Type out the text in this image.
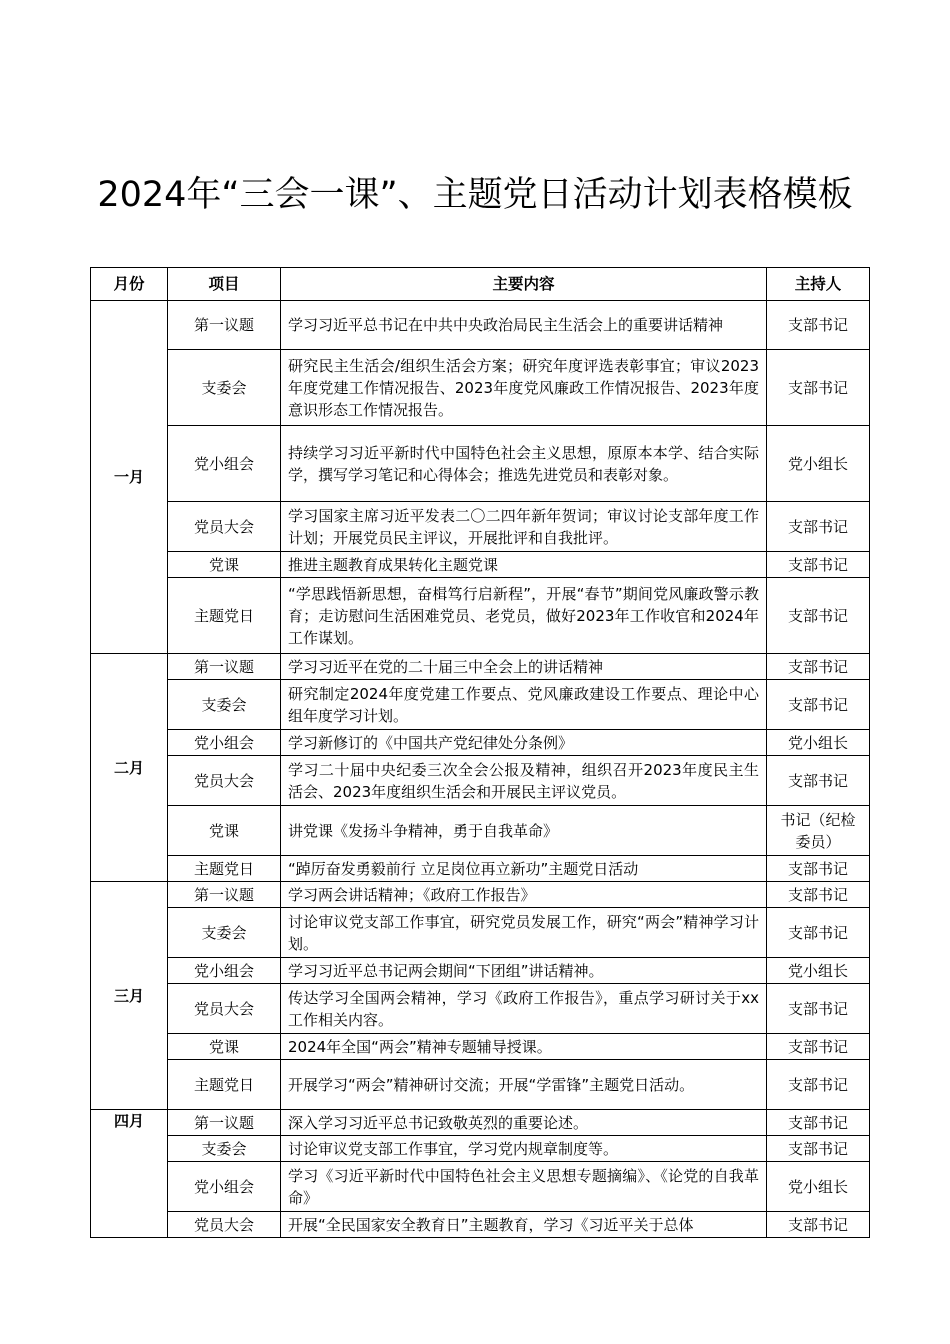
2024年“三会一课”、主题党日活动计划表格模板
月份	项目	主要内容	主持人
一月	第一议题	学习习近平总书记在中共中央政治局民主生活会上的重要讲话精神	支部书记
	支委会	研究民主生活会/组织生活会方案；研究年度评选表彰事宜；审议2023年度党建工作情况报告、2023年度党风廉政工作情况报告、2023年度意识形态工作情况报告。	支部书记
	党小组会	持续学习习近平新时代中国特色社会主义思想，原原本本学、结合实际学，撰写学习笔记和心得体会；推选先进党员和表彰对象。	党小组长
	党员大会	学习国家主席习近平发表二〇二四年新年贺词；审议讨论支部年度工作计划；开展党员民主评议，开展批评和自我批评。	支部书记
	党课	推进主题教育成果转化主题党课	支部书记
	主题党日	“学思践悟新思想，奋楫笃行启新程”，开展“春节”期间党风廉政警示教育；走访慰问生活困难党员、老党员，做好2023年工作收官和2024年工作谋划。	支部书记
二月	第一议题	学习习近平在党的二十届三中全会上的讲话精神	支部书记
	支委会	研究制定2024年度党建工作要点、党风廉政建设工作要点、理论中心组年度学习计划。	支部书记
	党小组会	学习新修订的《中国共产党纪律处分条例》	党小组长
	党员大会	学习二十届中央纪委三次全会公报及精神，组织召开2023年度民主生活会、2023年度组织生活会和开展民主评议党员。	支部书记
	党课	讲党课《发扬斗争精神，勇于自我革命》	书记（纪检委员）
	主题党日	“踔厉奋发勇毅前行 立足岗位再立新功”主题党日活动	支部书记
三月	第一议题	学习两会讲话精神；《政府工作报告》	支部书记
	支委会	讨论审议党支部工作事宜，研究党员发展工作，研究“两会”精神学习计划。	支部书记
	党小组会	学习习近平总书记两会期间“下团组”讲话精神。	党小组长
	党员大会	传达学习全国两会精神，学习《政府工作报告》，重点学习研讨关于xx工作相关内容。	支部书记
	党课	2024年全国“两会”精神专题辅导授课。	支部书记
	主题党日	开展学习“两会”精神研讨交流；开展“学雷锋”主题党日活动。	支部书记
四月	第一议题	深入学习习近平总书记致敬英烈的重要论述。	支部书记
	支委会	讨论审议党支部工作事宜，学习党内规章制度等。	支部书记
	党小组会	学习《习近平新时代中国特色社会主义思想专题摘编》、《论党的自我革命》	党小组长
	党员大会	开展“全民国家安全教育日”主题教育，学习《习近平关于总体	支部书记
